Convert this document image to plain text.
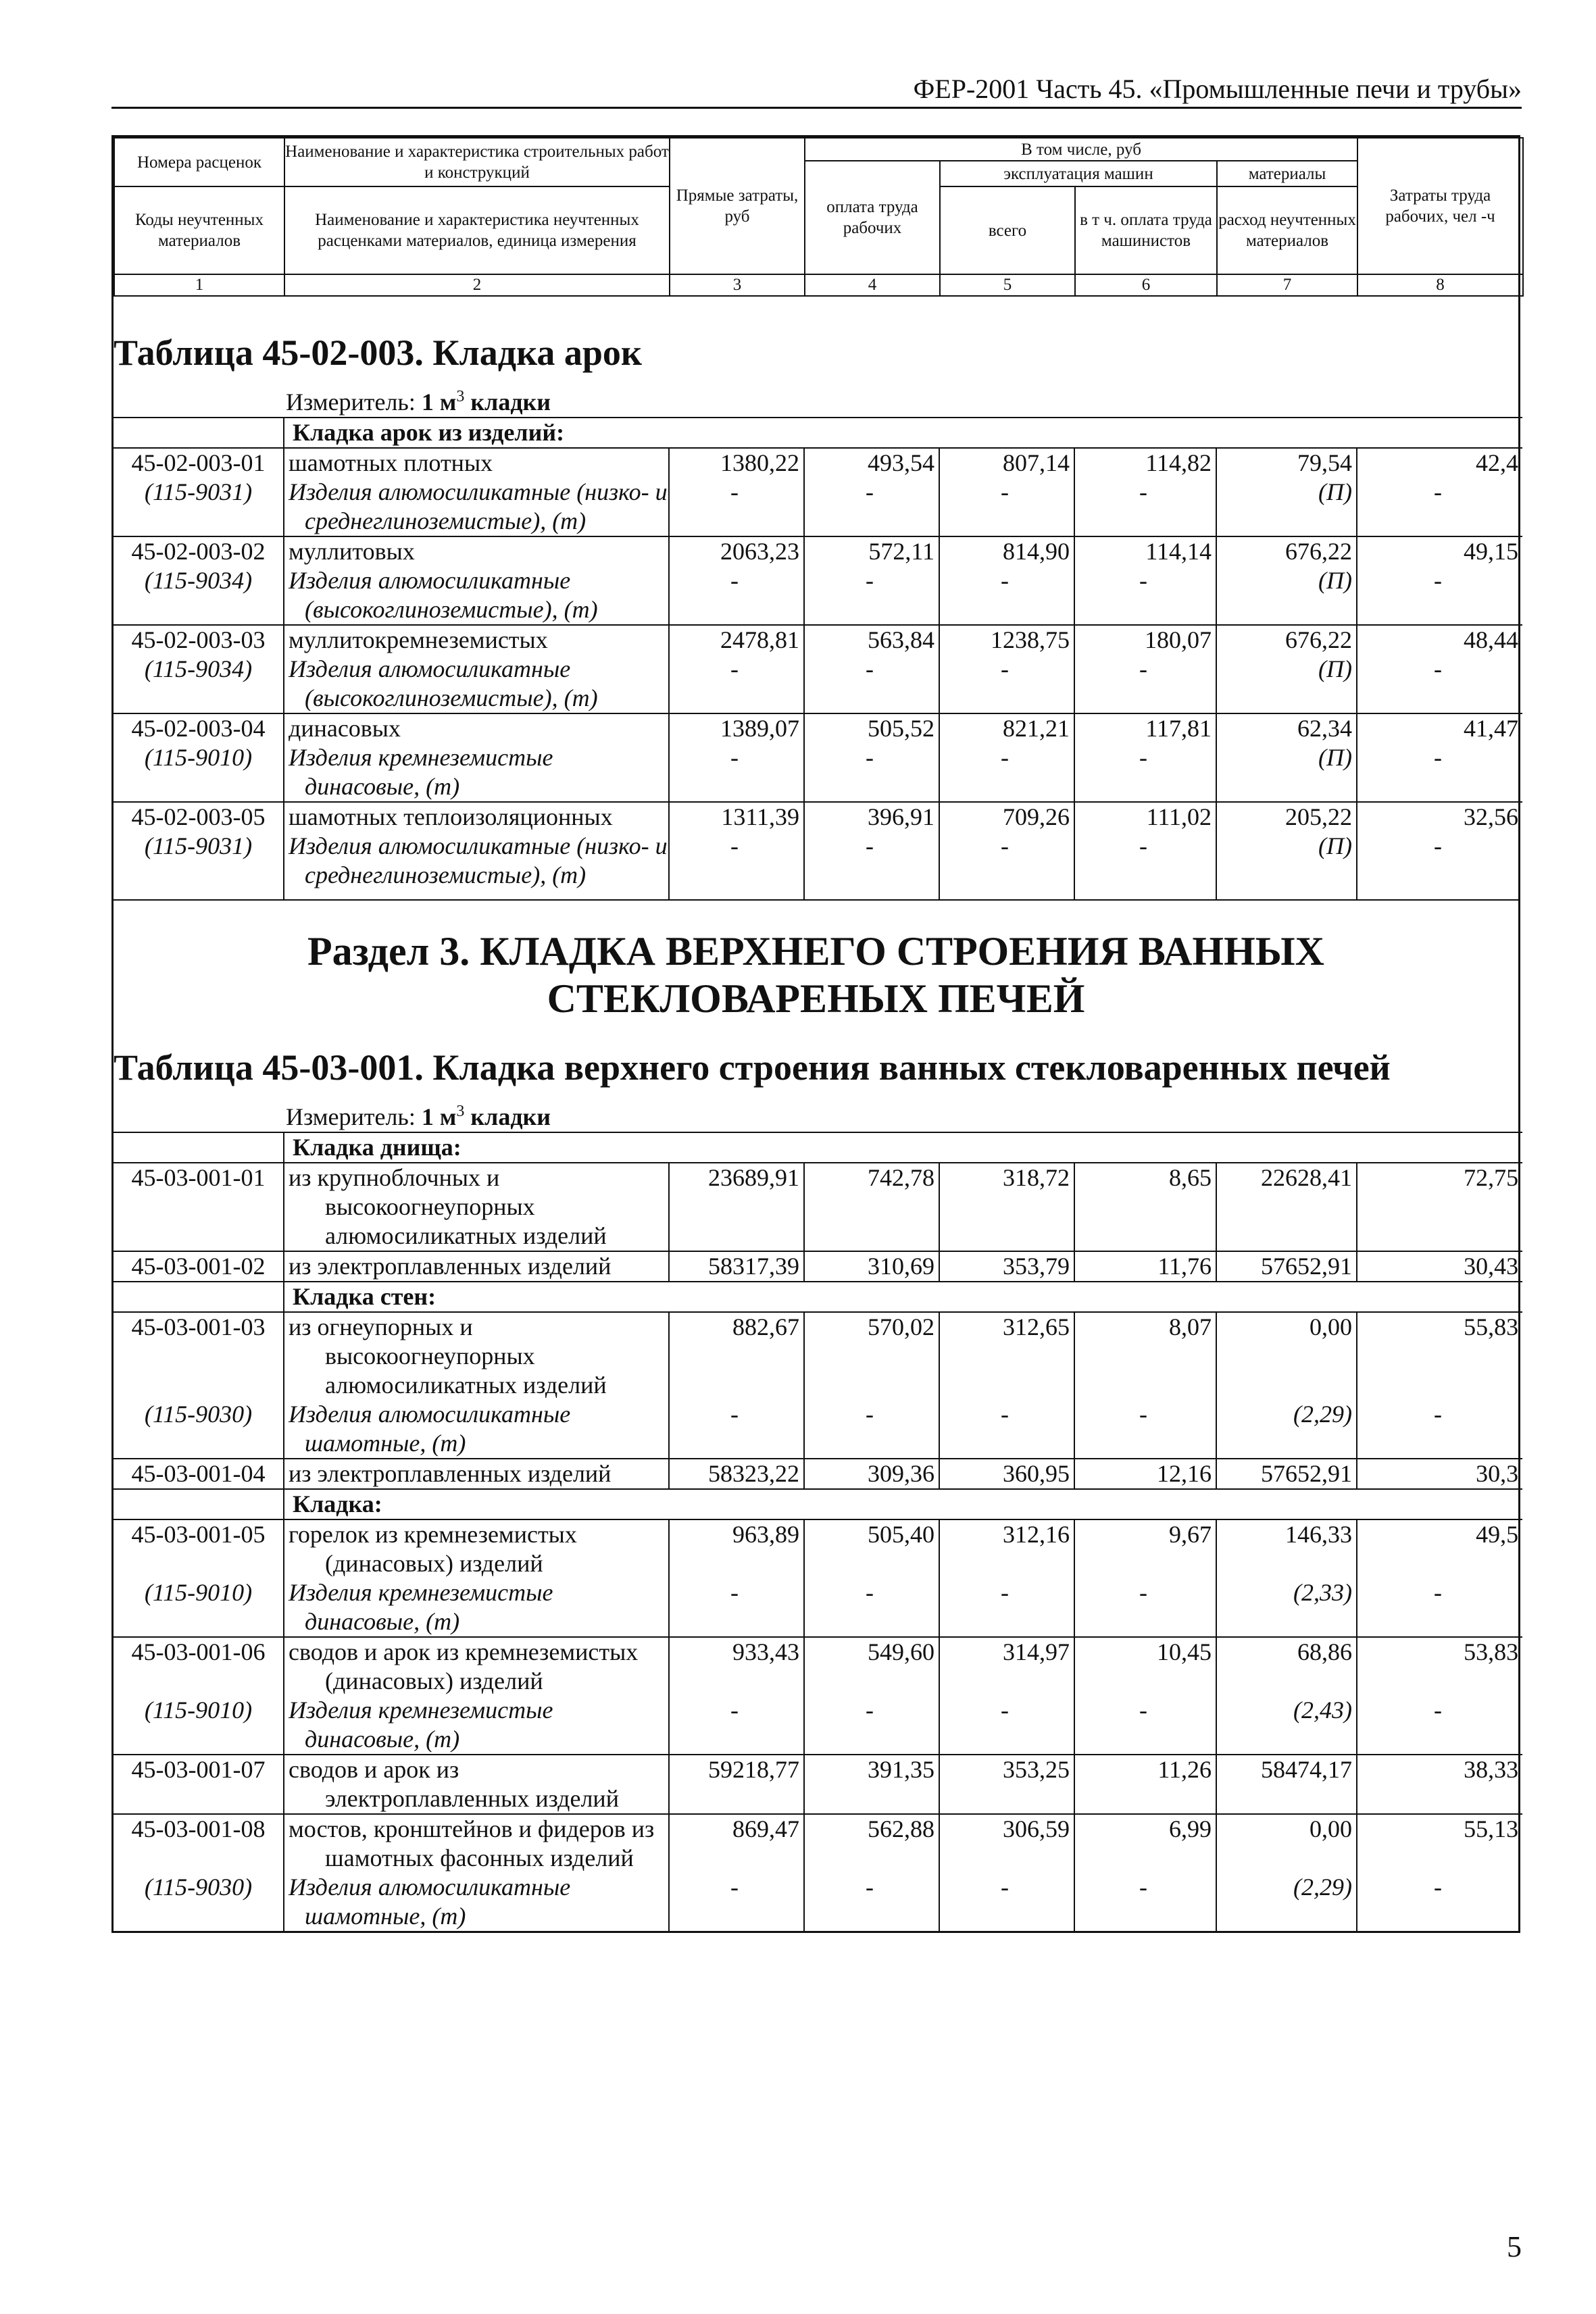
ФЕР-2001 Часть 45. «Промышленные печи и трубы»
Номера расценок	Наименование и характеристика строительных работ и конструкций	Прямые затраты, руб	В том числе, руб				Затраты труда рабочих, чел -ч
			оплата труда рабочих	эксплуатация машин		материалы	
Коды неучтенных материалов	Наименование и характеристика неучтенных расценками материалов, единица измерения			всего	в т ч. оплата труда машинистов	расход неучтенных материалов	

1	2	3	4	5	6	7	8
Таблица 45-02-003. Кладка арок
Измеритель: 1 $м^3$ кладки
	Кладка арок из изделий:						
45-02-003-01	шамотных плотных	1380,22	493,54	807,14	114,82	79,54	42,4
(115-9031)	Изделия алюмосиликатные (низко- и среднеглиноземистые), (т)	-	-	-	-	(П)	-
45-02-003-02	муллитовых	2063,23	572,11	814,90	114,14	676,22	49,15
(115-9034)	Изделия алюмосиликатные (высокоглиноземистые), (т)	-	-	-	-	(П)	-
45-02-003-03	муллитокремнеземистых	2478,81	563,84	1238,75	180,07	676,22	48,44
(115-9034)	Изделия алюмосиликатные (высокоглиноземистые), (т)	-	-	-	-	(П)	-
45-02-003-04	динасовых	1389,07	505,52	821,21	117,81	62,34	41,47
(115-9010)	Изделия кремнеземистые динасовые, (т)	-	-	-	-	(П)	-
45-02-003-05	шамотных теплоизоляционных	1311,39	396,91	709,26	111,02	205,22	32,56
(115-9031)	Изделия алюмосиликатные (низко- и среднеглиноземистые), (т)	-	-	-	-	(П)	-

Раздел 3. КЛАДКА ВЕРХНЕГО СТРОЕНИЯ ВАННЫХ СТЕКЛОВАРЕНЫХ ПЕЧЕЙ
Таблица 45-03-001. Кладка верхнего строения ванных стекловаренных печей
Измеритель: 1 $м^3$ кладки
	Кладка днища:						
45-03-001-01	из крупноблочных и высокоогнеупорных алюмосиликатных изделий	23689,91	742,78	318,72	8,65	22628,41	72,75
45-03-001-02	из электроплавленных изделий	58317,39	310,69	353,79	11,76	57652,91	30,43
	Кладка стен:						
45-03-001-03	из огнеупорных и высокоогнеупорных алюмосиликатных изделий	882,67	570,02	312,65	8,07	0,00	55,83
(115-9030)	Изделия алюмосиликатные шамотные, (т)	-	-	-	-	(2,29)	-
45-03-001-04	из электроплавленных изделий	58323,22	309,36	360,95	12,16	57652,91	30,3
	Кладка:						
45-03-001-05	горелок из кремнеземистых (динасовых) изделий	963,89	505,40	312,16	9,67	146,33	49,5
(115-9010)	Изделия кремнеземистые динасовые, (т)	-	-	-	-	(2,33)	-
45-03-001-06	сводов и арок из кремнеземистых (динасовых) изделий	933,43	549,60	314,97	10,45	68,86	53,83
(115-9010)	Изделия кремнеземистые динасовые, (т)	-	-	-	-	(2,43)	-
45-03-001-07	сводов и арок из электроплавленных изделий	59218,77	391,35	353,25	11,26	58474,17	38,33
45-03-001-08	мостов, кронштейнов и фидеров из шамотных фасонных изделий	869,47	562,88	306,59	6,99	0,00	55,13
(115-9030)	Изделия алюмосиликатные шамотные, (т)	-	-	-	-	(2,29)	-
5
